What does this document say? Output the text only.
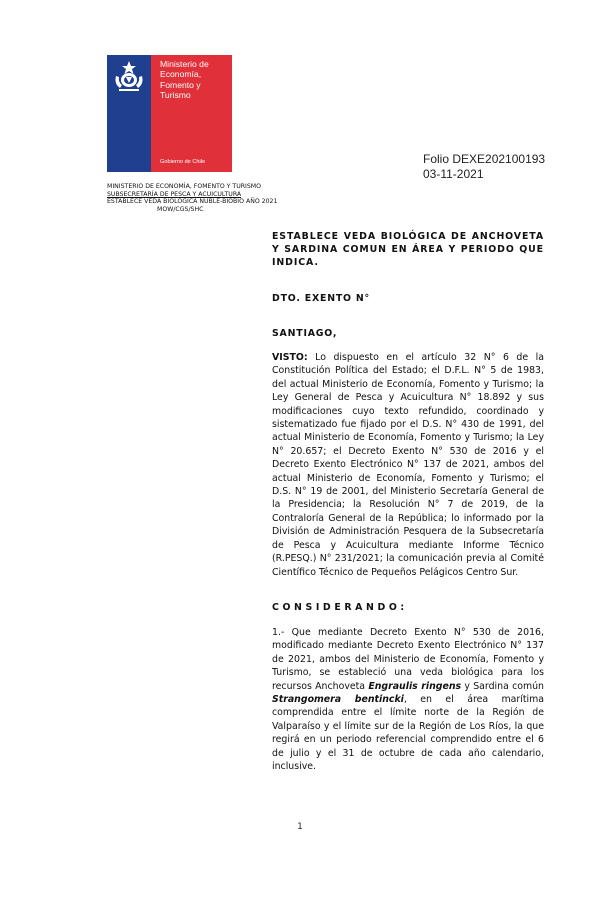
Ministerio de
Economía,
Fomento y
Turismo
Gobierno de Chile	Folio DEXE202100193
03-11-2021
MINISTERIO DE ECONOMÍA, FOMENTO Y TURISMO
SUBSECRETARÍA DE PESCA Y ACUICULTURA
ESTABLECE VEDA BIOLÓGICA ÑUBLE-BIOBIO AÑO 2021
MOW/CGS/SHC
ESTABLECE VEDA BIOLÓGICA DE ANCHOVETA Y SARDINA COMUN EN ÁREA Y PERIODO QUE INDICA.
DTO. EXENTO N°
SANTIAGO,
VISTO: Lo dispuesto en el artículo 32 N° 6 de la Constitución Política del Estado; el D.F.L. N° 5 de 1983, del actual Ministerio de Economía, Fomento y Turismo; la Ley General de Pesca y Acuicultura N° 18.892 y sus modificaciones cuyo texto refundido, coordinado y sistematizado fue fijado por el D.S. N° 430 de 1991, del actual Ministerio de Economía, Fomento y Turismo; la Ley N° 20.657; el Decreto Exento N° 530 de 2016 y el Decreto Exento Electrónico N° 137 de 2021, ambos del actual Ministerio de Economía, Fomento y Turismo; el D.S. N° 19 de 2001, del Ministerio Secretaría General de la Presidencia; la Resolución N° 7 de 2019, de la Contraloría General de la República; lo informado por la División de Administración Pesquera de la Subsecretaría de Pesca y Acuicultura mediante Informe Técnico (R.PESQ.) N° 231/2021; la comunicación previa al Comité Científico Técnico de Pequeños Pelágicos Centro Sur.
CONSIDERANDO:
1.- Que mediante Decreto Exento N° 530 de 2016, modificado mediante Decreto Exento Electrónico N° 137 de 2021, ambos del Ministerio de Economía, Fomento y Turismo, se estableció una veda biológica para los recursos Anchoveta Engraulis ringens y Sardina común Strangomera bentincki, en el área marítima comprendida entre el límite norte de la Región de Valparaíso y el límite sur de la Región de Los Ríos, la que regirá en un periodo referencial comprendido entre el 6 de julio y el 31 de octubre de cada año calendario, inclusive.
1
